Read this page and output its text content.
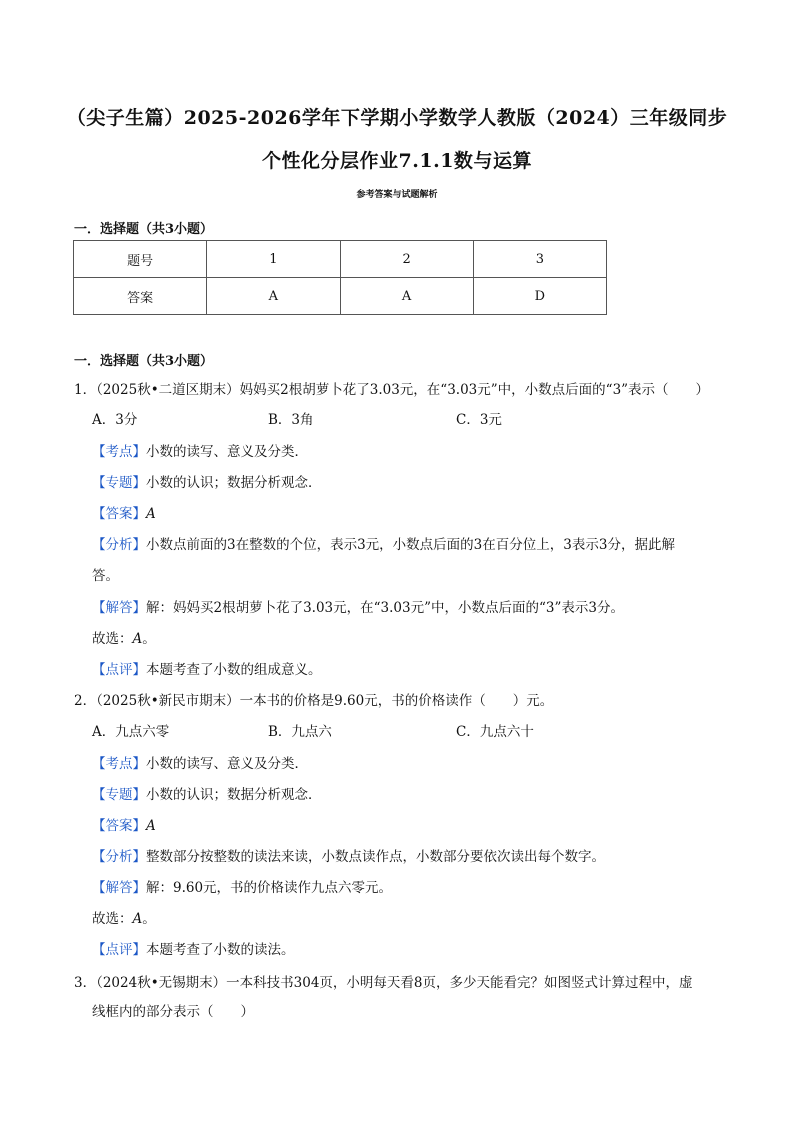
（尖子生篇）2025-2026学年下学期小学数学人教版（2024）三年级同步
个性化分层作业7.1.1数与运算
参考答案与试题解析
一．选择题（共3小题）
题号	1	2	3
答案	A	A	D
一．选择题（共3小题）
1．（2025秋•二道区期末）妈妈买2根胡萝卜花了3.03元，在“3.03元”中，小数点后面的“3”表示（　　）
A．3分	B．3角	C．3元
【考点】小数的读写、意义及分类．
【专题】小数的认识；数据分析观念．
【答案】A
【分析】小数点前面的3在整数的个位，表示3元，小数点后面的3在百分位上，3表示3分，据此解
答。
【解答】解：妈妈买2根胡萝卜花了3.03元，在“3.03元”中，小数点后面的“3”表示3分。
故选：A。
【点评】本题考查了小数的组成意义。
2．（2025秋•新民市期末）一本书的价格是9.60元，书的价格读作（　　）元。
A．九点六零	B．九点六	C．九点六十
【考点】小数的读写、意义及分类．
【专题】小数的认识；数据分析观念．
【答案】A
【分析】整数部分按整数的读法来读，小数点读作点，小数部分要依次读出每个数字。
【解答】解：9.60元，书的价格读作九点六零元。
故选：A。
【点评】本题考查了小数的读法。
3．（2024秋•无锡期末）一本科技书304页，小明每天看8页，多少天能看完？如图竖式计算过程中，虚
线框内的部分表示（　　）
